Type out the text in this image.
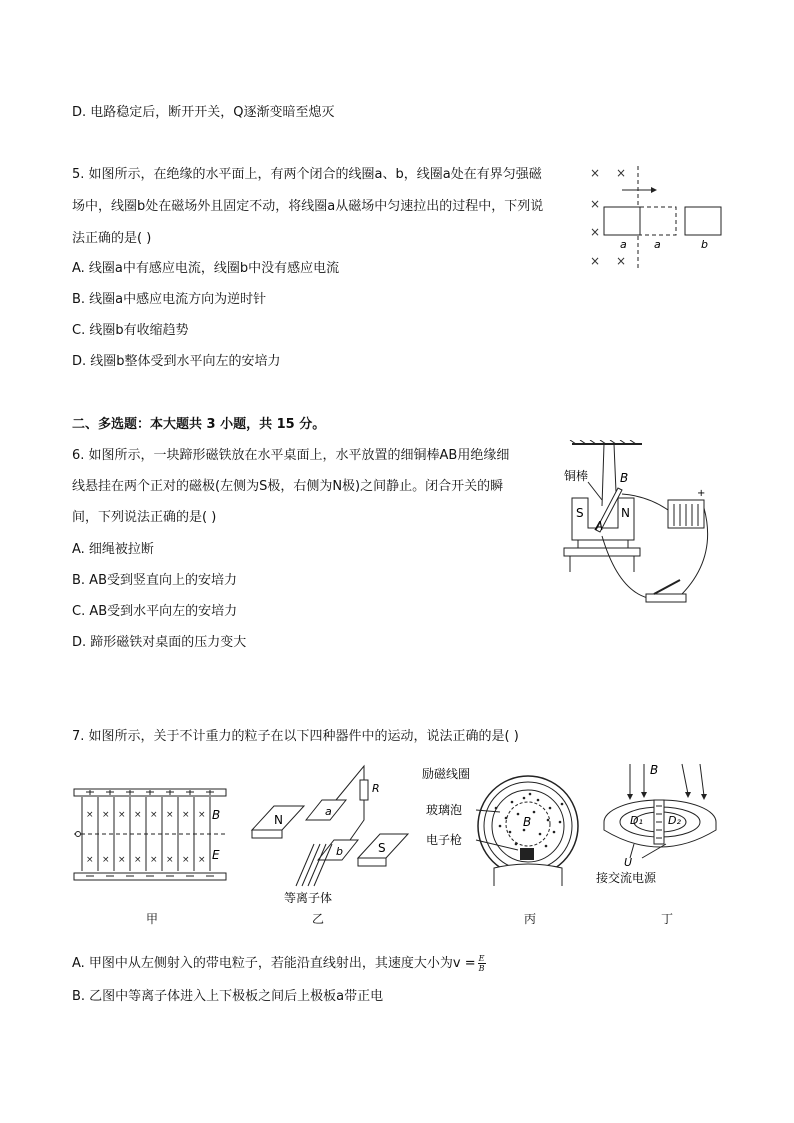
D. 电路稳定后，断开开关，Q逐渐变暗至熄灭
5. 如图所示，在绝缘的水平面上，有两个闭合的线圈a、b，线圈a处在有界匀强磁
场中，线圈b处在磁场外且固定不动，将线圈a从磁场中匀速拉出的过程中，下列说
法正确的是( )
A. 线圈a中有感应电流，线圈b中没有感应电流
B. 线圈a中感应电流方向为逆时针
C. 线圈b有收缩趋势
D. 线圈b整体受到水平向左的安培力
× ×
×
×
× ×
a a	b
二、多选题：本大题共 3 小题，共 15 分。
6. 如图所示，一块蹄形磁铁放在水平桌面上，水平放置的细铜棒AB用绝缘细
线悬挂在两个正对的磁极(左侧为S极，右侧为N极)之间静止。闭合开关的瞬
间，下列说法正确的是( )
A. 细绳被拉断
B. AB受到竖直向上的安培力
C. AB受到水平向左的安培力
D. 蹄形磁铁对桌面的压力变大
S	N
铜棒	B
A
+
7. 如图所示，关于不计重力的粒子在以下四种器件中的运动，说法正确的是( )
× × × × × × × ×
× × × × × × × ×
B
E
甲
N
S
a
b
R
等离子体
乙
励磁线圈
玻璃泡
电子枪
B
丙
B
D₁ D₂
U
接交流电源
丁
A. 甲图中从左侧射入的带电粒子，若能沿直线射出，其速度大小为$v = \frac{E}{B}$
B. 乙图中等离子体进入上下极板之间后上极板a带正电
